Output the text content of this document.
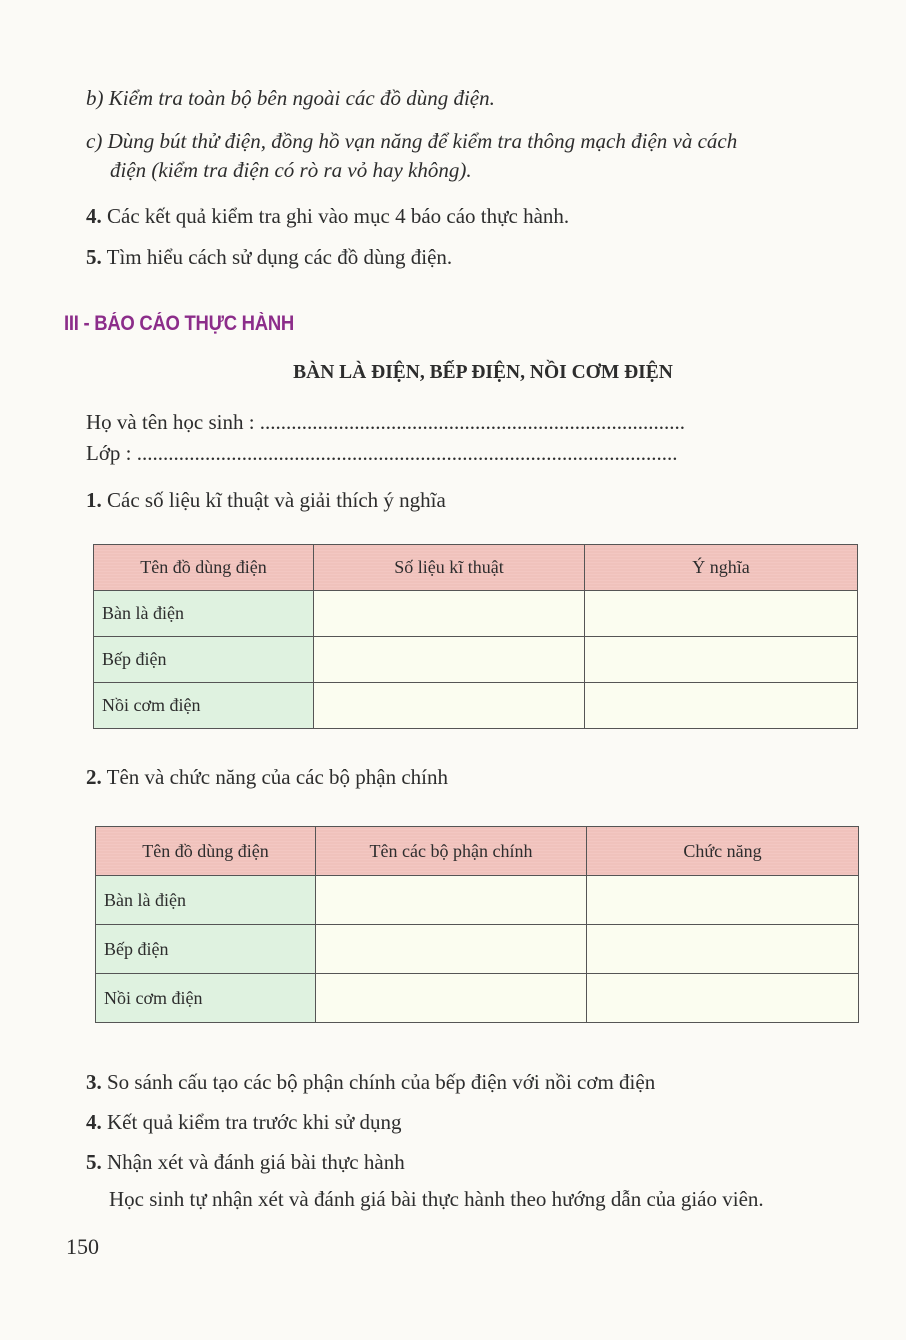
b) Kiểm tra toàn bộ bên ngoài các đồ dùng điện.
c) Dùng bút thử điện, đồng hồ vạn năng để kiểm tra thông mạch điện và cách
điện (kiểm tra điện có rò ra vỏ hay không).
4. Các kết quả kiểm tra ghi vào mục 4 báo cáo thực hành.
5. Tìm hiểu cách sử dụng các đồ dùng điện.
III - BÁO CÁO THỰC HÀNH
BÀN LÀ ĐIỆN, BẾP ĐIỆN, NỒI CƠM ĐIỆN
Họ và tên học sinh : .................................................................................
Lớp : .......................................................................................................
1. Các số liệu kĩ thuật và giải thích ý nghĩa
Tên đồ dùng điện	Số liệu kĩ thuật	Ý nghĩa
Bàn là điện		
Bếp điện		
Nồi cơm điện		
2. Tên và chức năng của các bộ phận chính
Tên đồ dùng điện	Tên các bộ phận chính	Chức năng
Bàn là điện		
Bếp điện		
Nồi cơm điện		
3. So sánh cấu tạo các bộ phận chính của bếp điện với nồi cơm điện
4. Kết quả kiểm tra trước khi sử dụng
5. Nhận xét và đánh giá bài thực hành
Học sinh tự nhận xét và đánh giá bài thực hành theo hướng dẫn của giáo viên.
150
